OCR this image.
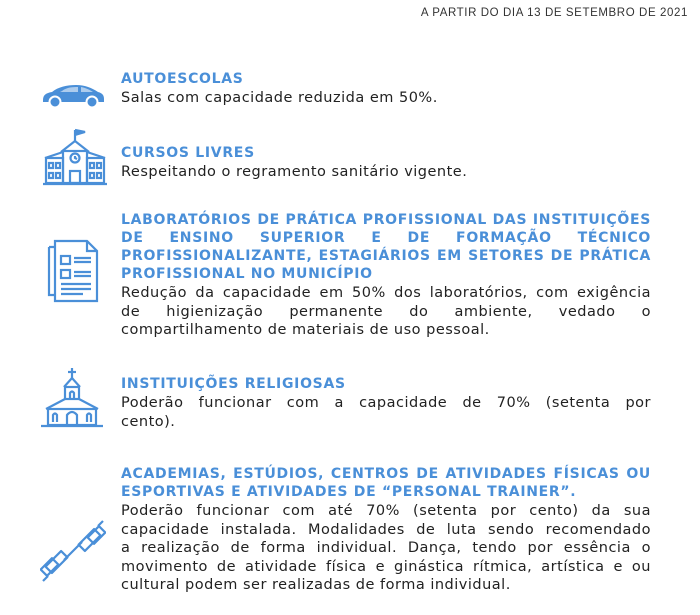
A PARTIR DO DIA 13 DE SETEMBRO DE 2021
AUTOESCOLAS
Salas com capacidade reduzida em 50%.
CURSOS LIVRES
Respeitando o regramento sanitário vigente.
LABORATÓRIOS DE PRÁTICA PROFISSIONAL DAS INSTITUIÇÕES
DE ENSINO SUPERIOR E DE FORMAÇÃO TÉCNICO
PROFISSIONALIZANTE, ESTAGIÁRIOS EM SETORES DE PRÁTICA
PROFISSIONAL NO MUNICÍPIO
Redução da capacidade em 50% dos laboratórios, com exigência
de higienização permanente do ambiente, vedado o
compartilhamento de materiais de uso pessoal.
INSTITUIÇÕES RELIGIOSAS
Poderão funcionar com a capacidade de 70% (setenta por
cento).
ACADEMIAS, ESTÚDIOS, CENTROS DE ATIVIDADES FÍSICAS OU
ESPORTIVAS E ATIVIDADES DE “PERSONAL TRAINER”.
Poderão funcionar com até 70% (setenta por cento) da sua
capacidade instalada. Modalidades de luta sendo recomendado
a realização de forma individual. Dança, tendo por essência o
movimento de atividade física e ginástica rítmica, artística e ou
cultural podem ser realizadas de forma individual.
